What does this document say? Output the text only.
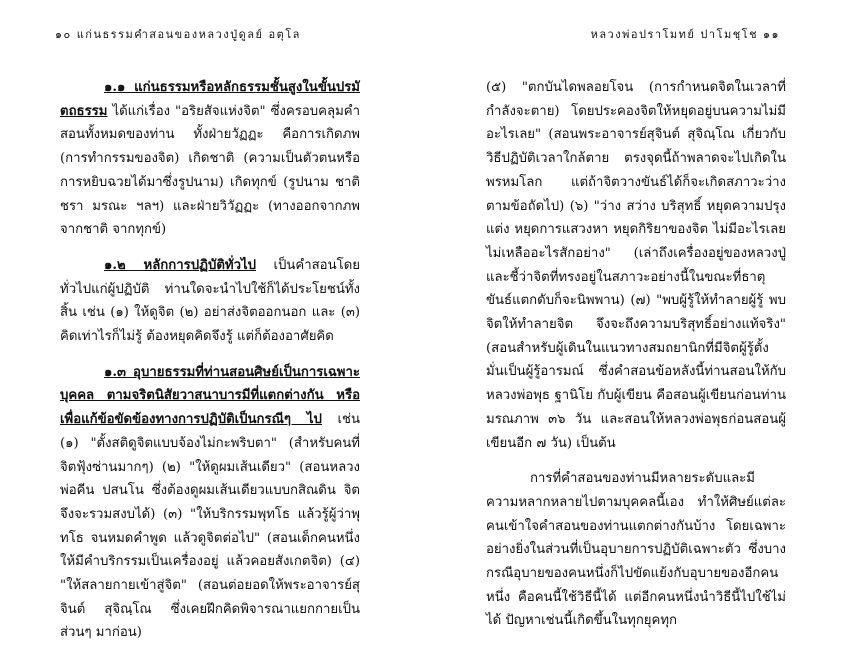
๑๐ แก่นธรรมคำสอนของหลวงปู่ดูลย์ อตุโล	หลวงพ่อปราโมทย์ ปาโมชฺโช ๑๑

๑.๑ แก่นธรรมหรือหลักธรรมชั้นสูงในขั้นปรมัตถธรรม ได้แก่เรื่อง "อริยสัจแห่งจิต" ซึ่งครอบคลุมคำสอนทั้งหมดของท่าน ทั้งฝ่ายวัฏฏะ คือการเกิดภพ (การทำกรรมของจิต) เกิดชาติ (ความเป็นตัวตนหรือการหยิบฉวยได้มาซึ่งรูปนาม) เกิดทุกข์ (รูปนาม ชาติ ชรา มรณะ ฯลฯ) และฝ่ายวิวัฏฏะ (ทางออกจากภพ จากชาติ จากทุกข์)

๑.๒ หลักการปฏิบัติทั่วไป เป็นคำสอนโดยทั่วไปแก่ผู้ปฏิบัติ ท่านใดจะนำไปใช้ก็ได้ประโยชน์ทั้งสิ้น เช่น (๑) ให้ดูจิต (๒) อย่าส่งจิตออกนอก และ (๓) คิดเท่าไรก็ไม่รู้ ต้องหยุดคิดจึงรู้ แต่ก็ต้องอาศัยคิด

๑.๓ อุบายธรรมที่ท่านสอนศิษย์เป็นการเฉพาะบุคคล ตามจริตนิสัยวาสนาบารมีที่แตกต่างกัน หรือเพื่อแก้ข้อขัดข้องทางการปฏิบัติเป็นกรณีๆ ไป เช่น (๑) "ตั้งสติดูจิตแบบจ้องไม่กะพริบตา" (สำหรับคนที่จิตฟุ้งซ่านมากๆ) (๒) "ให้ดูผมเส้นเดียว" (สอนหลวงพ่อคีน ปสนโน ซึ่งต้องดูผมเส้นเดียวแบบกสิณดิน จิตจึงจะรวมสงบได้) (๓) "ให้บริกรรมพุทโธ แล้วรู้ผู้ว่าพุทโธ จนหมดคำพูด แล้วดูจิตต่อไป" (สอนเด็กคนหนึ่งให้มีคำบริกรรมเป็นเครื่องอยู่ แล้วคอยสังเกตจิต) (๔) "ให้สลายกายเข้าสู่จิต" (สอนต่อยอดให้พระอาจารย์สุจินต์ สุจิณฺโณ ซึ่งเคยฝึกคิดพิจารณาแยกกายเป็นส่วนๆ มาก่อน)

(๕) "ตกบันไดพลอยโจน (การกำหนดจิตในเวลาที่กำลังจะตาย) โดยประคองจิตให้หยุดอยู่บนความไม่มีอะไรเลย" (สอนพระอาจารย์สุจินต์ สุจิณฺโณ เกี่ยวกับวิธีปฏิบัติเวลาใกล้ตาย ตรงจุดนี้ถ้าพลาดจะไปเกิดในพรหมโลก แต่ถ้าจิตวางขันธ์ได้ก็จะเกิดสภาวะว่างตามข้อถัดไป) (๖) "ว่าง สว่าง บริสุทธิ์ หยุดความปรุงแต่ง หยุดการแสวงหา หยุดกิริยาของจิต ไม่มีอะไรเลย ไม่เหลืออะไรสักอย่าง" (เล่าถึงเครื่องอยู่ของหลวงปู่และชี้ว่าจิตที่ทรงอยู่ในสภาวะอย่างนี้ในขณะที่ธาตุขันธ์แตกดับก็จะนิพพาน) (๗) "พบผู้รู้ให้ทำลายผู้รู้ พบจิตให้ทำลายจิต จึงจะถึงความบริสุทธิ์อย่างแท้จริง" (สอนสำหรับผู้เดินในแนวทางสมถยานิกที่มีจิตผู้รู้ตั้งมั่นเป็นผู้รู้อารมณ์ ซึ่งคำสอนข้อหลังนี้ท่านสอนให้กับหลวงพ่อพุธ ฐานิโย กับผู้เขียน คือสอนผู้เขียนก่อนท่านมรณภาพ ๓๖ วัน และสอนให้หลวงพ่อพุธก่อนสอนผู้เขียนอีก ๗ วัน) เป็นต้น

การที่คำสอนของท่านมีหลายระดับและมีความหลากหลายไปตามบุคคลนี้เอง ทำให้ศิษย์แต่ละคนเข้าใจคำสอนของท่านแตกต่างกันบ้าง โดยเฉพาะอย่างยิ่งในส่วนที่เป็นอุบายการปฏิบัติเฉพาะตัว ซึ่งบางกรณีอุบายของคนหนึ่งก็ไปขัดแย้งกับอุบายของอีกคนหนึ่ง คือคนนี้ใช้วิธีนี้ได้ แต่อีกคนหนึ่งนำวิธีนี้ไปใช้ไม่ได้ ปัญหาเช่นนี้เกิดขึ้นในทุกยุคทุก
